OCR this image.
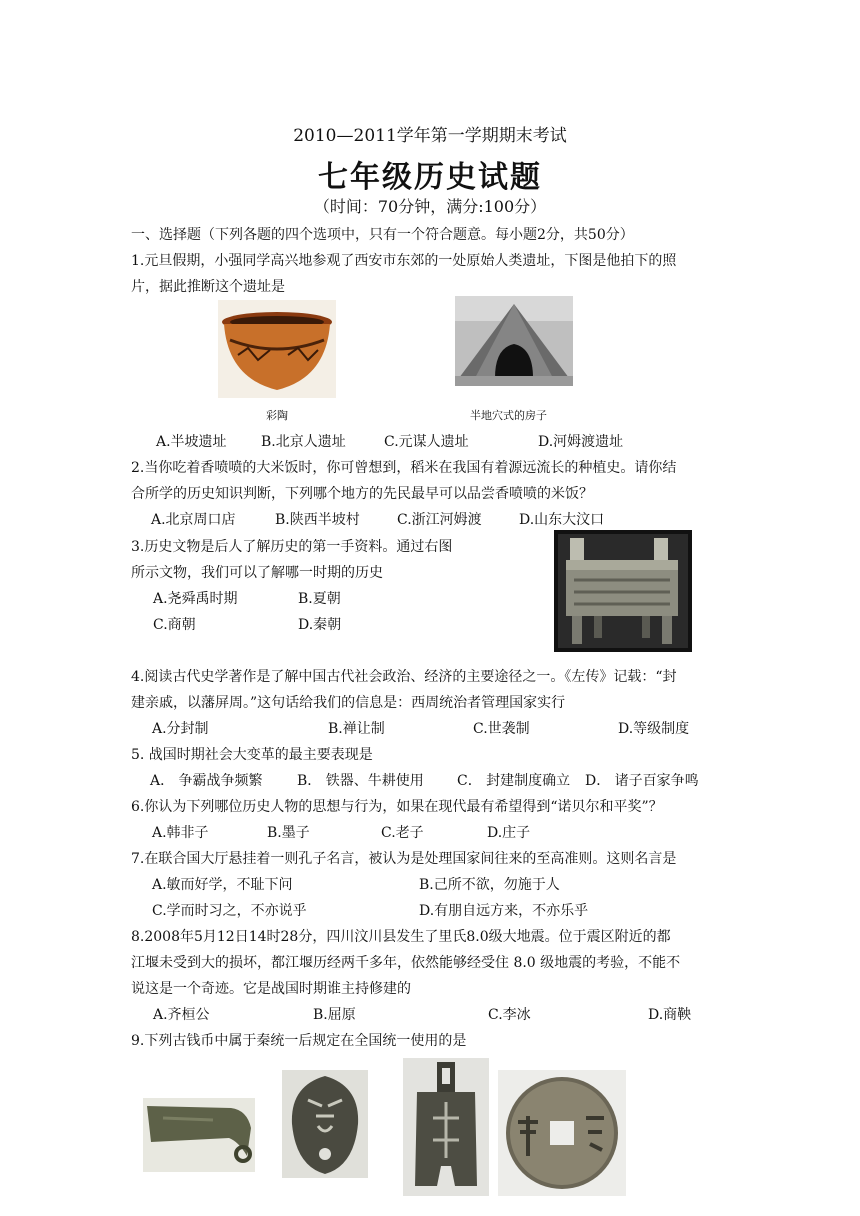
2010—2011学年第一学期期末考试
七年级历史试题
（时间：70分钟，满分:100分）
一、选择题（下列各题的四个选项中，只有一个符合题意。每小题2分，共50分）
1.元旦假期，小强同学高兴地参观了西安市东郊的一处原始人类遗址，下图是他拍下的照
片，据此推断这个遗址是
彩陶	半地穴式的房子
A.半坡遗址 B.北京人遗址	C.元谋人遗址	D.河姆渡遗址
2.当你吃着香喷喷的大米饭时，你可曾想到，稻米在我国有着源远流长的种植史。请你结
合所学的历史知识判断，下列哪个地方的先民最早可以品尝香喷喷的米饭？
A.北京周口店	B.陕西半坡村	C.浙江河姆渡	D.山东大汶口
3.历史文物是后人了解历史的第一手资料。通过右图
所示文物，我们可以了解哪一时期的历史
A.尧舜禹时期	B.夏朝
C.商朝	D.秦朝
4.阅读古代史学著作是了解中国古代社会政治、经济的主要途径之一。《左传》记载：“封
建亲戚，以藩屏周。”这句话给我们的信息是：西周统治者管理国家实行
A.分封制	B.禅让制	C.世袭制	D.等级制度
5. 战国时期社会大变革的最主要表现是
A． 争霸战争频繁 B． 铁器、牛耕使用 C． 封建制度确立 D． 诸子百家争鸣
6.你认为下列哪位历史人物的思想与行为，如果在现代最有希望得到“诺贝尔和平奖”？
A.韩非子	B.墨子	C.老子	D.庄子
7.在联合国大厅悬挂着一则孔子名言，被认为是处理国家间往来的至高准则。这则名言是
A.敏而好学，不耻下问	B.己所不欲，勿施于人
C.学而时习之，不亦说乎	D.有朋自远方来，不亦乐乎
8.2008年5月12日14时28分，四川汶川县发生了里氏8.0级大地震。位于震区附近的都
江堰未受到大的损坏，都江堰历经两千多年，依然能够经受住 8.0 级地震的考验，不能不
说这是一个奇迹。它是战国时期谁主持修建的
A.齐桓公	B.屈原	C.李冰	D.商鞅
9.下列古钱币中属于秦统一后规定在全国统一使用的是
